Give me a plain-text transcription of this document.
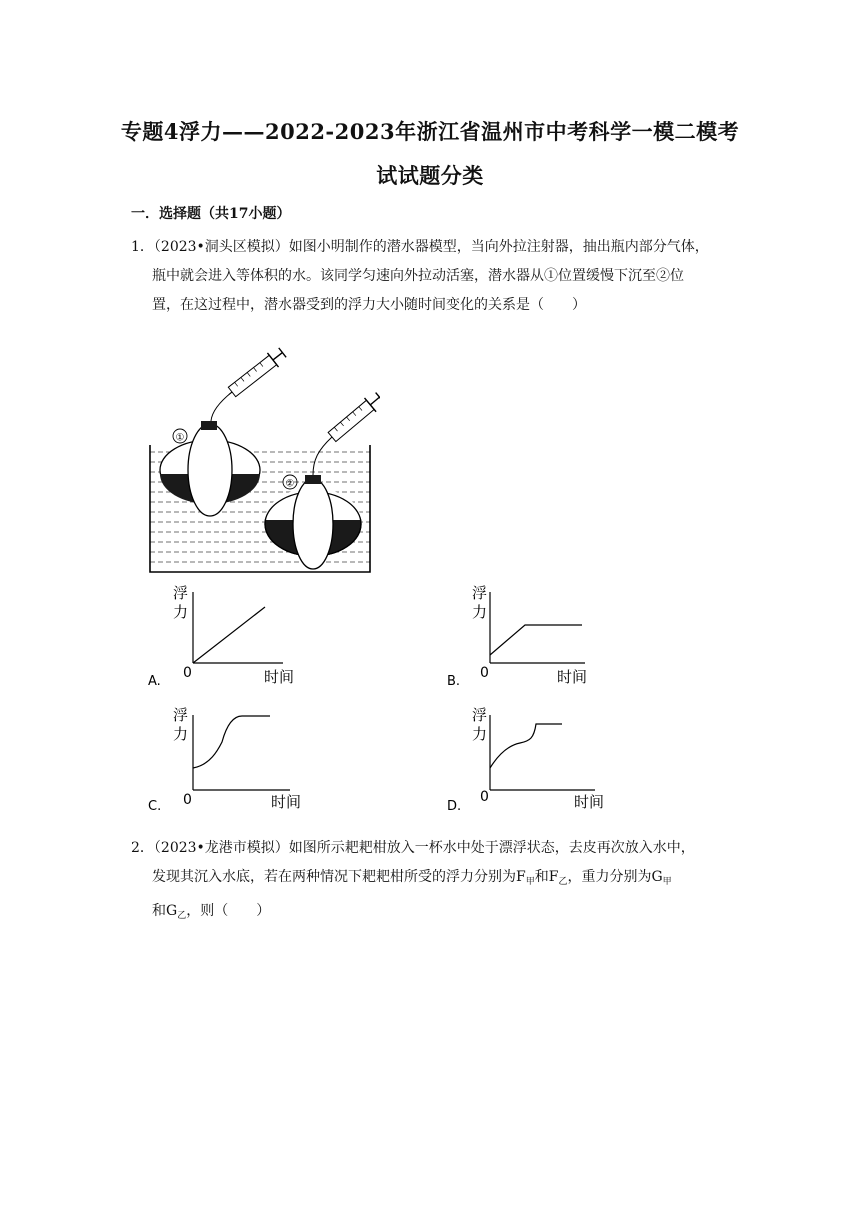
专题4浮力——2022-2023年浙江省温州市中考科学一模二模考
试试题分类
一．选择题（共17小题）
1．（2023•洞头区模拟）如图小明制作的潜水器模型，当向外拉注射器，抽出瓶内部分气体，

瓶中就会进入等体积的水。该同学匀速向外拉动活塞，潜水器从①位置缓慢下沉至②位
置，在这过程中，潜水器受到的浮力大小随时间变化的关系是（　　）
①
②
浮
力
0	时间
A.
浮
力
0	时间
B.
浮
力
0	时间
C.
浮
力
0	时间
D.
2．（2023•龙港市模拟）如图所示耙耙柑放入一杯水中处于漂浮状态，去皮再次放入水中，

发现其沉入水底，若在两种情况下耙耙柑所受的浮力分别为$F_甲$和$F_乙$，重力分别为$G_甲$
和$G_乙$，则（　　）
